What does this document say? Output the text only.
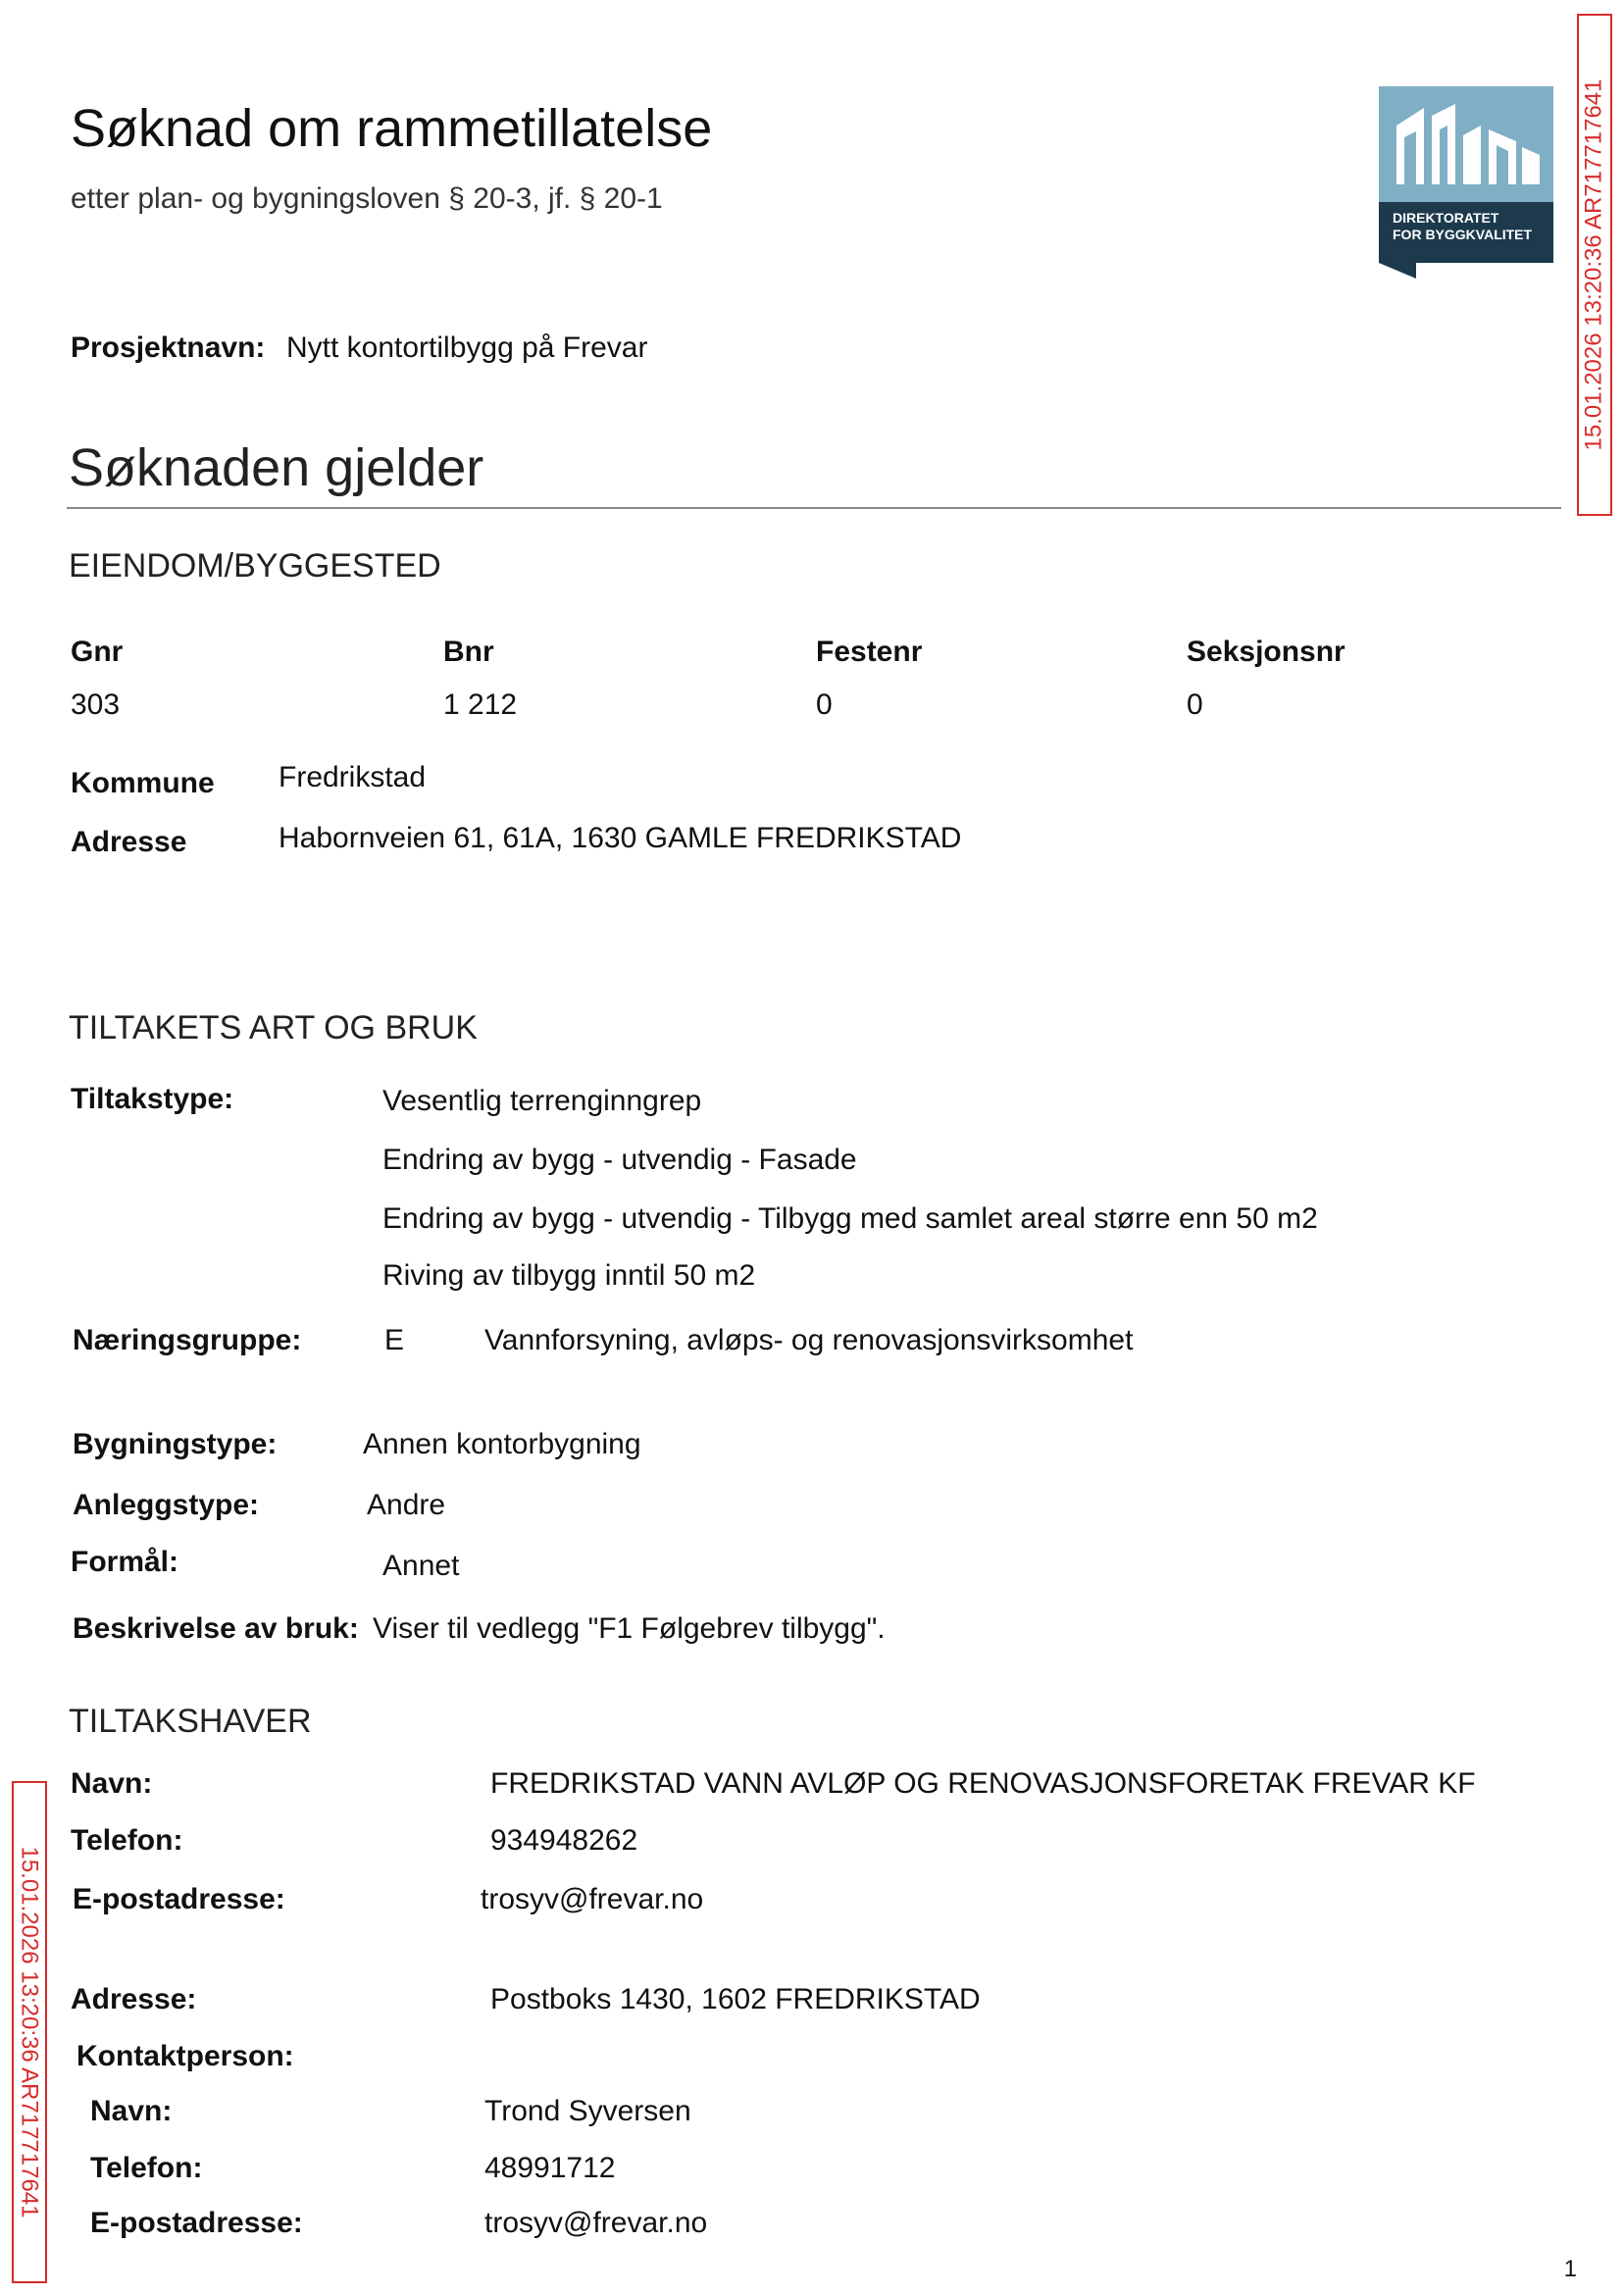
Søknad om rammetillatelse
etter plan- og bygningsloven § 20-3, jf. § 20-1
DIREKTORATET
FOR BYGGKVALITET 15.01.2026 13:20:36 AR717717641
15.01.2026 13:20:36 AR717717641
Prosjektnavn: Nytt kontortilbygg på Frevar
Søknaden gjelder
EIENDOM/BYGGESTED
Gnr	Bnr	Festenr	Seksjonsnr
303	1 212	0	0
Kommune Fredrikstad
Adresse	Habornveien 61, 61A, 1630 GAMLE FREDRIKSTAD
TILTAKETS ART OG BRUK
Tiltakstype:	Vesentlig terrenginngrep
Endring av bygg - utvendig - Fasade
Endring av bygg - utvendig - Tilbygg med samlet areal større enn 50 m2
Riving av tilbygg inntil 50 m2
Næringsgruppe:	E	Vannforsyning, avløps- og renovasjonsvirksomhet
Bygningstype:	Annen kontorbygning
Anleggstype:	Andre
Formål:	Annet
Beskrivelse av bruk: Viser til vedlegg "F1 Følgebrev tilbygg".
TILTAKSHAVER
Navn:	FREDRIKSTAD VANN AVLØP OG RENOVASJONSFORETAK FREVAR KF
Telefon:	934948262
E-postadresse:	trosyv@frevar.no
Adresse:	Postboks 1430, 1602 FREDRIKSTAD
Kontaktperson:
Navn:	Trond Syversen
Telefon:	48991712
E-postadresse:	trosyv@frevar.no
1
